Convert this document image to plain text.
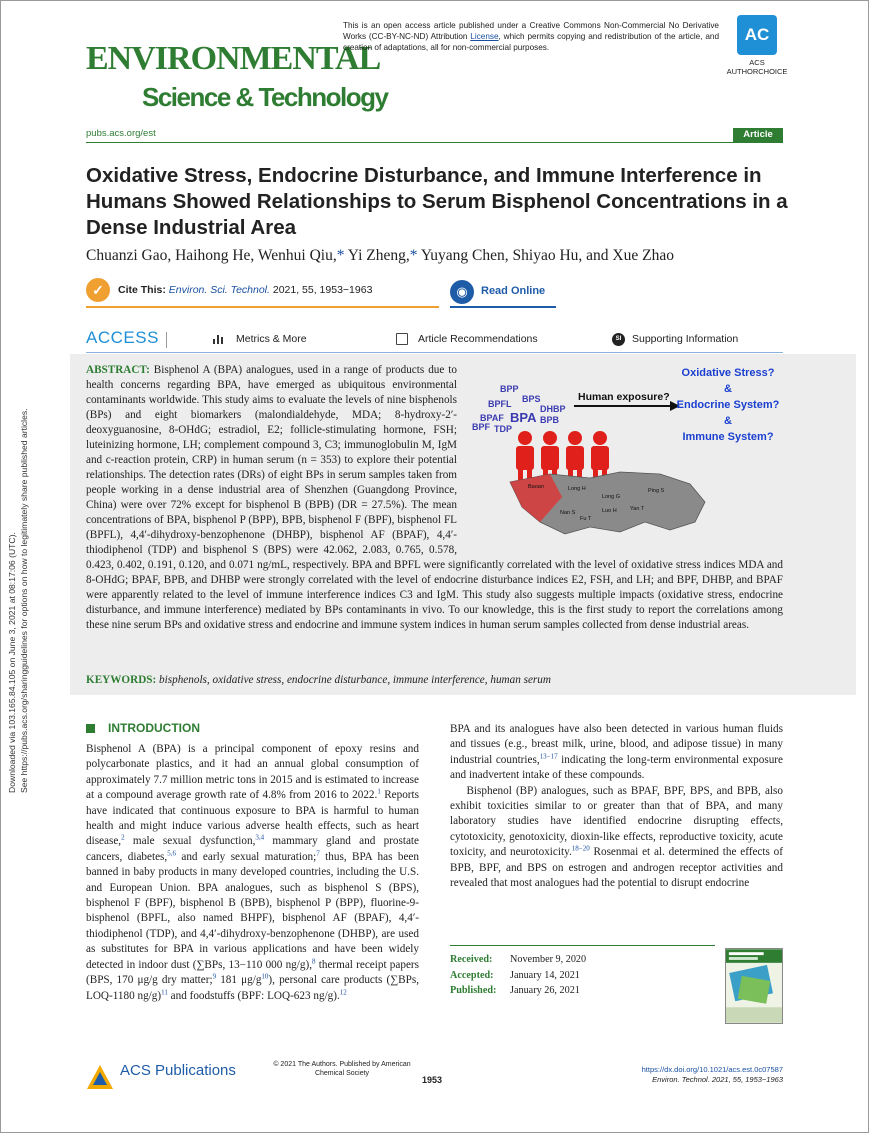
Downloaded via 103.165.84.105 on June 3, 2021 at 08:17:06 (UTC). See https://pubs.acs.org/sharingguidelines for options on how to legitimately share published articles.
ENVIRONMENTAL
Science & Technology
This is an open access article published under a Creative Commons Non-Commercial No Derivative Works (CC-BY-NC-ND) Attribution License, which permits copying and redistribution of the article, and creation of adaptations, all for non-commercial purposes.
AC
ACS AUTHORCHOICE
pubs.acs.org/est	Article
Oxidative Stress, Endocrine Disturbance, and Immune Interference in Humans Showed Relationships to Serum Bisphenol Concentrations in a Dense Industrial Area
Chuanzi Gao, Haihong He, Wenhui Qiu,* Yi Zheng,* Yuyang Chen, Shiyao Hu, and Xue Zhao
✓	Cite This: Environ. Sci. Technol. 2021, 55, 1953−1963	◉	Read Online
ACCESS	Metrics & More	Article Recommendations	SI	Supporting Information
BPP
BPFL BPS
DHBP
BPAF BPA BPB
BPF TDP
Human exposure?
Oxidative Stress?
&
Endocrine System?
&
Immune System?
Baoan	Long H
Long G
Ping S
Nan S
Fu T
Luo H Yan T
ABSTRACT: Bisphenol A (BPA) analogues, used in a range of products due to health concerns regarding BPA, have emerged as ubiquitous environmental contaminants worldwide. This study aims to evaluate the levels of nine bisphenols (BPs) and eight biomarkers (malondialdehyde, MDA; 8-hydroxy-2′-deoxyguanosine, 8-OHdG; estradiol, E2; follicle-stimulating hormone, FSH; luteinizing hormone, LH; complement compound 3, C3; immunoglobulin M, IgM and c-reaction protein, CRP) in human serum (n = 353) to explore their potential relationships. The detection rates (DRs) of eight BPs in serum samples taken from people working in a dense industrial area of Shenzhen (Guangdong Province, China) were over 72% except for bisphenol B (BPB) (DR = 27.5%). The mean concentrations of BPA, bisphenol P (BPP), BPB, bisphenol F (BPF), bisphenol FL (BPFL), 4,4′-dihydroxy-benzophenone (DHBP), bisphenol AF (BPAF), 4,4′-thiodiphenol (TDP) and bisphenol S (BPS) were 42.062, 2.083, 0.765, 0.578, 0.423, 0.402, 0.191, 0.120, and 0.071 ng/mL, respectively. BPA and BPFL were significantly correlated with the level of oxidative stress indices MDA and 8-OHdG; BPAF, BPB, and DHBP were strongly correlated with the level of endocrine disturbance indices E2, FSH, and LH; and BPF, DHBP, and BPAF were apparently related to the level of immune interference indices C3 and IgM. This study also suggests multiple impacts (oxidative stress, endocrine disturbance, and immune interference) mediated by BPs contaminants in vivo. To our knowledge, this is the first study to report the correlations among these nine serum BPs and oxidative stress and endocrine and immune system indices in human serum samples collected from dense industrial areas.
KEYWORDS: bisphenols, oxidative stress, endocrine disturbance, immune interference, human serum
INTRODUCTION
Bisphenol A (BPA) is a principal component of epoxy resins and polycarbonate plastics, and it had an annual global consumption of approximately 7.7 million metric tons in 2015 and is estimated to increase at a compound average growth rate of 4.8% from 2016 to 2022.$^1$ Reports have indicated that continuous exposure to BPA is harmful to human health and might induce various adverse health effects, such as heart disease,$^2$ male sexual dysfunction,$^{3,4}$ mammary gland and prostate cancers, diabetes,$^{5,6}$ and early sexual maturation;$^7$ thus, BPA has been banned in baby products in many developed countries, including the U.S. and European Union. BPA analogues, such as bisphenol S (BPS), bisphenol F (BPF), bisphenol B (BPB), bisphenol P (BPP), fluorine-9-bisphenol (BPFL, also named BHPF), bisphenol AF (BPAF), 4,4′-thiodiphenol (TDP), and 4,4′-dihydroxy-benzophenone (DHBP), are used as substitutes for BPA in various applications and have been widely detected in indoor dust (∑BPs, 13−110 000 ng/g),$^8$ thermal receipt papers (BPS, 170 μg/g dry matter;$^9$ 181 $\mu g/g^{10}$), personal care products (∑BPs, LOQ-1180 ng/g)$^{11}$ and foodstuffs (BPF: LOQ-623 ng/g).$^{12}$
BPA and its analogues have also been detected in various human fluids and tissues (e.g., breast milk, urine, blood, and adipose tissue) in many industrial countries,$^{13-17}$ indicating the long-term environmental exposure and inadvertent intake of these compounds.
Bisphenol (BP) analogues, such as BPAF, BPF, BPS, and BPB, also exhibit toxicities similar to or greater than that of BPA, and many laboratory studies have identified endocrine disrupting effects, cytotoxicity, genotoxicity, dioxin-like effects, reproductive toxicity, acute toxicity, and neurotoxicity.$^{18-20}$ Rosenmai et al. determined the effects of BPB, BPF, and BPS on estrogen and androgen receptor activities and revealed that most analogues had the potential to disrupt endocrine
Received: November 9, 2020
Accepted: January 14, 2021
Published: January 26, 2021
ACS Publications	© 2021 The Authors. Published by American Chemical Society
1953
https://dx.doi.org/10.1021/acs.est.0c07587
Environ. Technol. 2021, 55, 1953−1963
